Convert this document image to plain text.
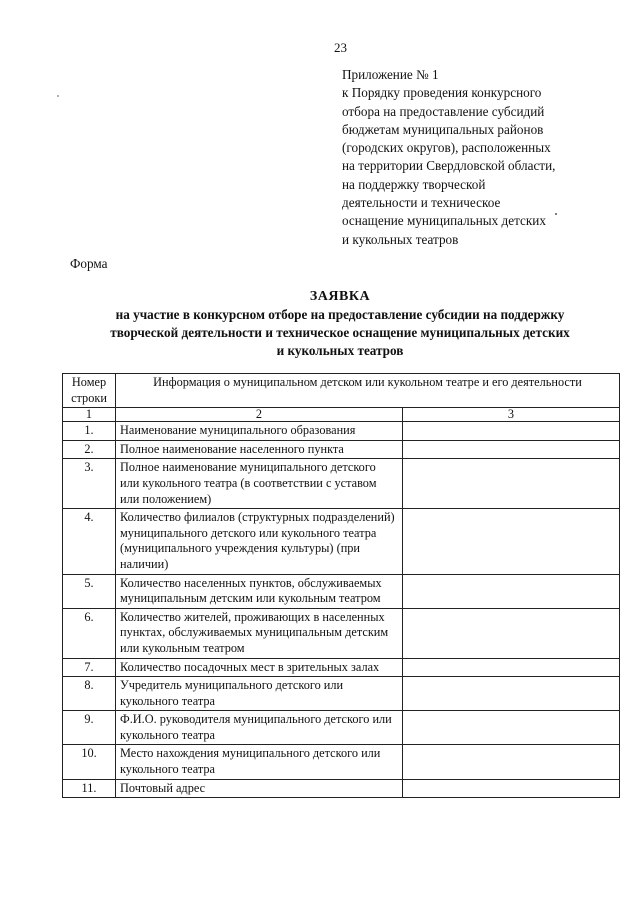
23
Приложение № 1
к Порядку проведения конкурсного
отбора на предоставление субсидий
бюджетам муниципальных районов
(городских округов), расположенных
на территории Свердловской области,
на поддержку творческой
деятельности и техническое
оснащение муниципальных детских
и кукольных театров
Форма
ЗАЯВКА
на участие в конкурсном отборе на предоставление субсидии на поддержку
творческой деятельности и техническое оснащение муниципальных детских
и кукольных театров
Номер строки	Информация о муниципальном детском или кукольном театре и его деятельности	
1	2	3
1.	Наименование муниципального образования	
2.	Полное наименование населенного пункта	
3.	Полное наименование муниципального детского или кукольного театра (в соответствии с уставом или положением)	
4.	Количество филиалов (структурных подразделений) муниципального детского или кукольного театра (муниципального учреждения культуры) (при наличии)	
5.	Количество населенных пунктов, обслуживаемых муниципальным детским или кукольным театром	
6.	Количество жителей, проживающих в населенных пунктах, обслуживаемых муниципальным детским или кукольным театром	
7.	Количество посадочных мест в зрительных залах	
8.	Учредитель муниципального детского или кукольного театра	
9.	Ф.И.О. руководителя муниципального детского или кукольного театра	
10.	Место нахождения муниципального детского или кукольного театра	
11.	Почтовый адрес	
